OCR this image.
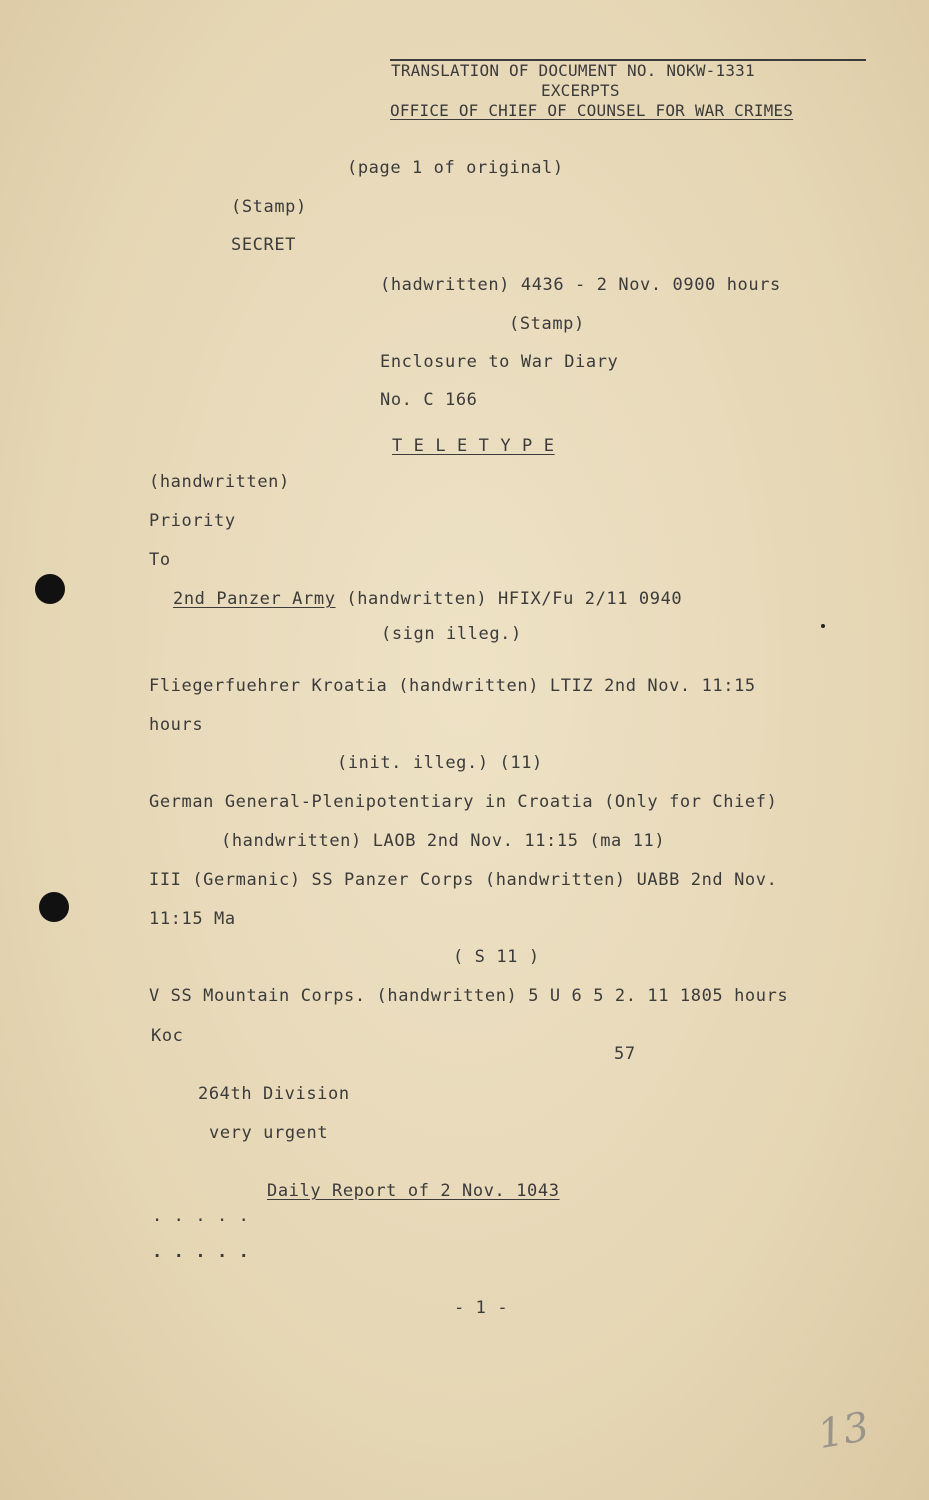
TRANSLATION OF DOCUMENT NO. NOKW-1331
EXCERPTS
OFFICE OF CHIEF OF COUNSEL FOR WAR CRIMES
(page 1 of original)
(Stamp)
SECRET
(hadwritten) 4436 - 2 Nov. 0900 hours
(Stamp)
Enclosure to War Diary
No. C 166
T E L E T Y P E
(handwritten)
Priority
To
2nd Panzer Army (handwritten) HFIX/Fu 2/11 0940
(sign illeg.)
Fliegerfuehrer Kroatia (handwritten) LTIZ 2nd Nov. 11:15
hours
(init. illeg.) (11)
German General-Plenipotentiary in Croatia (Only for Chief)
(handwritten) LAOB 2nd Nov. 11:15 (ma 11)
III (Germanic) SS Panzer Corps (handwritten) UABB 2nd Nov.
11:15 Ma
( S 11 )
V SS Mountain Corps. (handwritten) 5 U 6 5 2. 11 1805 hours
Koc
57
264th Division
very urgent
Daily Report of 2 Nov. 1043
. . . . .
. . . . .
- 1 -
13
